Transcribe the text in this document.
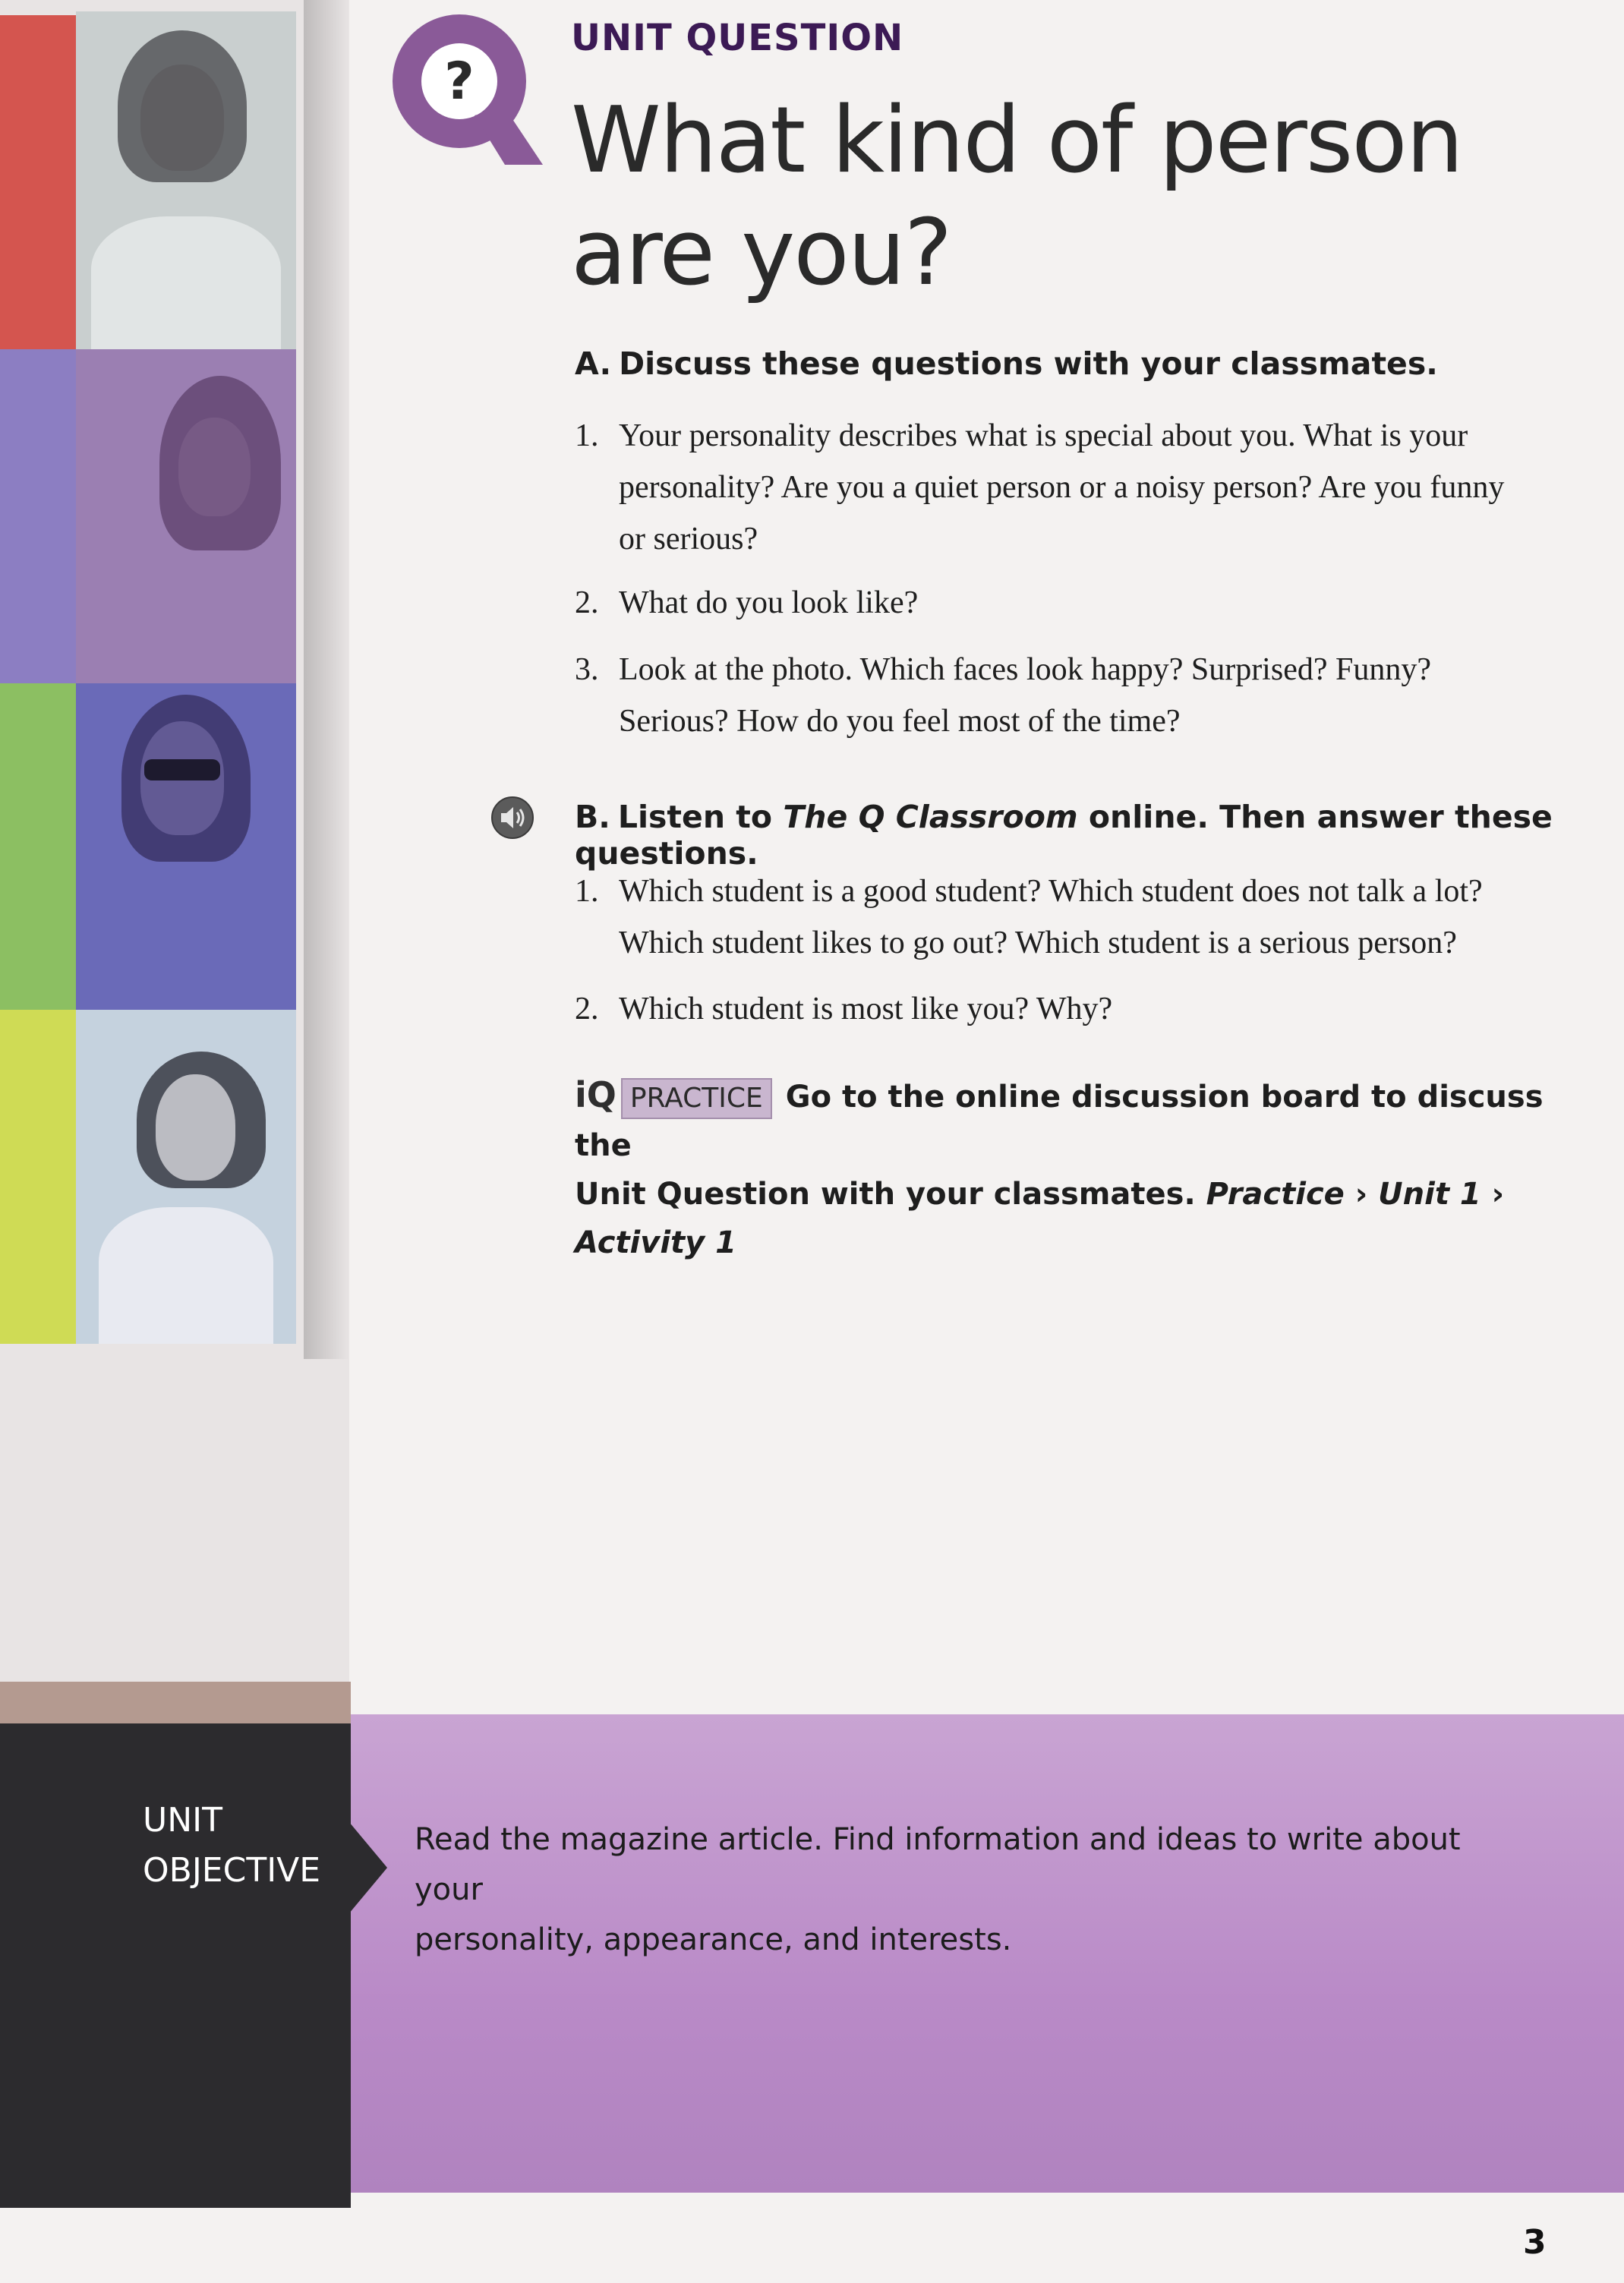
?
UNIT QUESTION
What kind of person
are you?
A. Discuss these questions with your classmates.
1. Your personality describes what is special about you. What is your
personality? Are you a quiet person or a noisy person? Are you funny
or serious?
2. What do you look like?
3. Look at the photo. Which faces look happy? Surprised? Funny?
Serious? How do you feel most of the time?
B. Listen to The Q Classroom online. Then answer these questions.
1. Which student is a good student? Which student does not talk a lot?
Which student likes to go out? Which student is a serious person?
2. Which student is most like you? Why?
iQ PRACTICE Go to the online discussion board to discuss the
Unit Question with your classmates. Practice › Unit 1 › Activity 1
UNIT
OBJECTIVE
Read the magazine article. Find information and ideas to write about your
personality, appearance, and interests.
3
